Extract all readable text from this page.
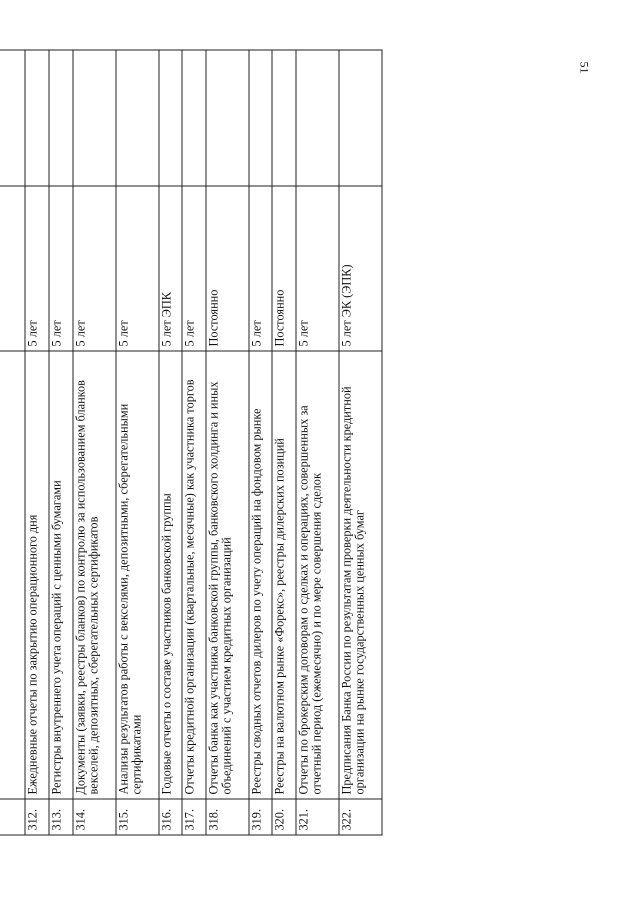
51

312.	Ежедневные отчеты по закрытию операционного дня	5 лет	
313.	Регистры внутреннего учета операций с ценными бумагами	5 лет	
314.	Документы (заявки, реестры бланков) по контролю за использованием бланков векселей, депозитных, сберегательных сертификатов	5 лет	
315.	Анализы результатов работы с векселями, депозитными, сберегательными сертификатами	5 лет	
316.	Годовые отчеты о составе участников банковской группы	5 лет ЭПК	
317.	Отчеты кредитной организации (квартальные, месячные) как участника торгов	5 лет	
318.	Отчеты банка как участника банковской группы, банковского холдинга и иных объединений с участием кредитных организаций	Постоянно	
319.	Реестры сводных отчетов дилеров по учету операций на фондовом рынке	5 лет	
320.	Реестры на валютном рынке «Форекс», реестры дилерских позиций	Постоянно	
321.	Отчеты по брокерским договорам о сделках и операциях, совершенных за отчетный период (ежемесячно) и по мере совершения сделок	5 лет	
322.	Предписания Банка России по результатам проверки деятельности кредитной организации на рынке государственных ценных бумаг	5 лет ЭК (ЭПК)	
